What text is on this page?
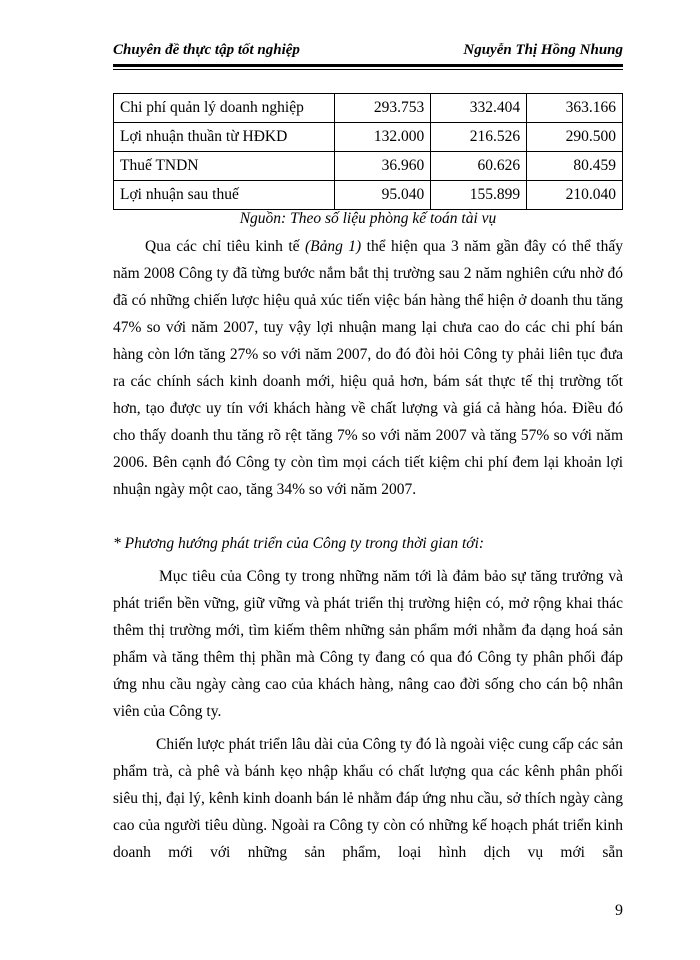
Chuyên đề thực tập tốt nghiệp	Nguyễn Thị Hồng Nhung
Chi phí quản lý doanh nghiệp	293.753	332.404	363.166
Lợi nhuận thuần từ HĐKD	132.000	216.526	290.500
Thuế TNDN	36.960	60.626	80.459
Lợi nhuận sau thuế	95.040	155.899	210.040
Nguồn: Theo số liệu phòng kế toán tài vụ

Qua các chỉ tiêu kinh tế (Bảng 1) thể hiện qua 3 năm gần đây có thể thấy năm 2008 Công ty đã từng bước nắm bắt thị trường sau 2 năm nghiên cứu nhờ đó đã có những chiến lược hiệu quả xúc tiến việc bán hàng thể hiện ở doanh thu tăng 47% so với năm 2007, tuy vậy lợi nhuận mang lại chưa cao do các chi phí bán hàng còn lớn tăng 27% so với năm 2007, do đó đòi hỏi Công ty phải liên tục đưa ra các chính sách kinh doanh mới, hiệu quả hơn, bám sát thực tế thị trường tốt hơn, tạo được uy tín với khách hàng về chất lượng và giá cả hàng hóa. Điều đó cho thấy doanh thu tăng rõ rệt tăng 7% so với năm 2007 và tăng 57% so với năm 2006. Bên cạnh đó Công ty còn tìm mọi cách tiết kiệm chi phí đem lại khoản lợi nhuận ngày một cao, tăng 34% so với năm 2007.

* Phương hướng phát triển của Công ty trong thời gian tới:

Mục tiêu của Công ty trong những năm tới là đảm bảo sự tăng trưởng và phát triển bền vững, giữ vững và phát triển thị trường hiện có, mở rộng khai thác thêm thị trường mới, tìm kiếm thêm những sản phẩm mới nhằm đa dạng hoá sản phẩm và tăng thêm thị phần mà Công ty đang có qua đó Công ty phân phối đáp ứng nhu cầu ngày càng cao của khách hàng, nâng cao đời sống cho cán bộ nhân viên của Công ty.

Chiến lược phát triển lâu dài của Công ty đó là ngoài việc cung cấp các sản phẩm trà, cà phê và bánh kẹo nhập khẩu có chất lượng qua các kênh phân phối siêu thị, đại lý, kênh kinh doanh bán lẻ nhằm đáp ứng nhu cầu, sở thích ngày càng cao của người tiêu dùng. Ngoài ra Công ty còn có những kế hoạch phát triển kinh doanh mới với những sản phẩm, loại hình dịch vụ mới sẵn

9
